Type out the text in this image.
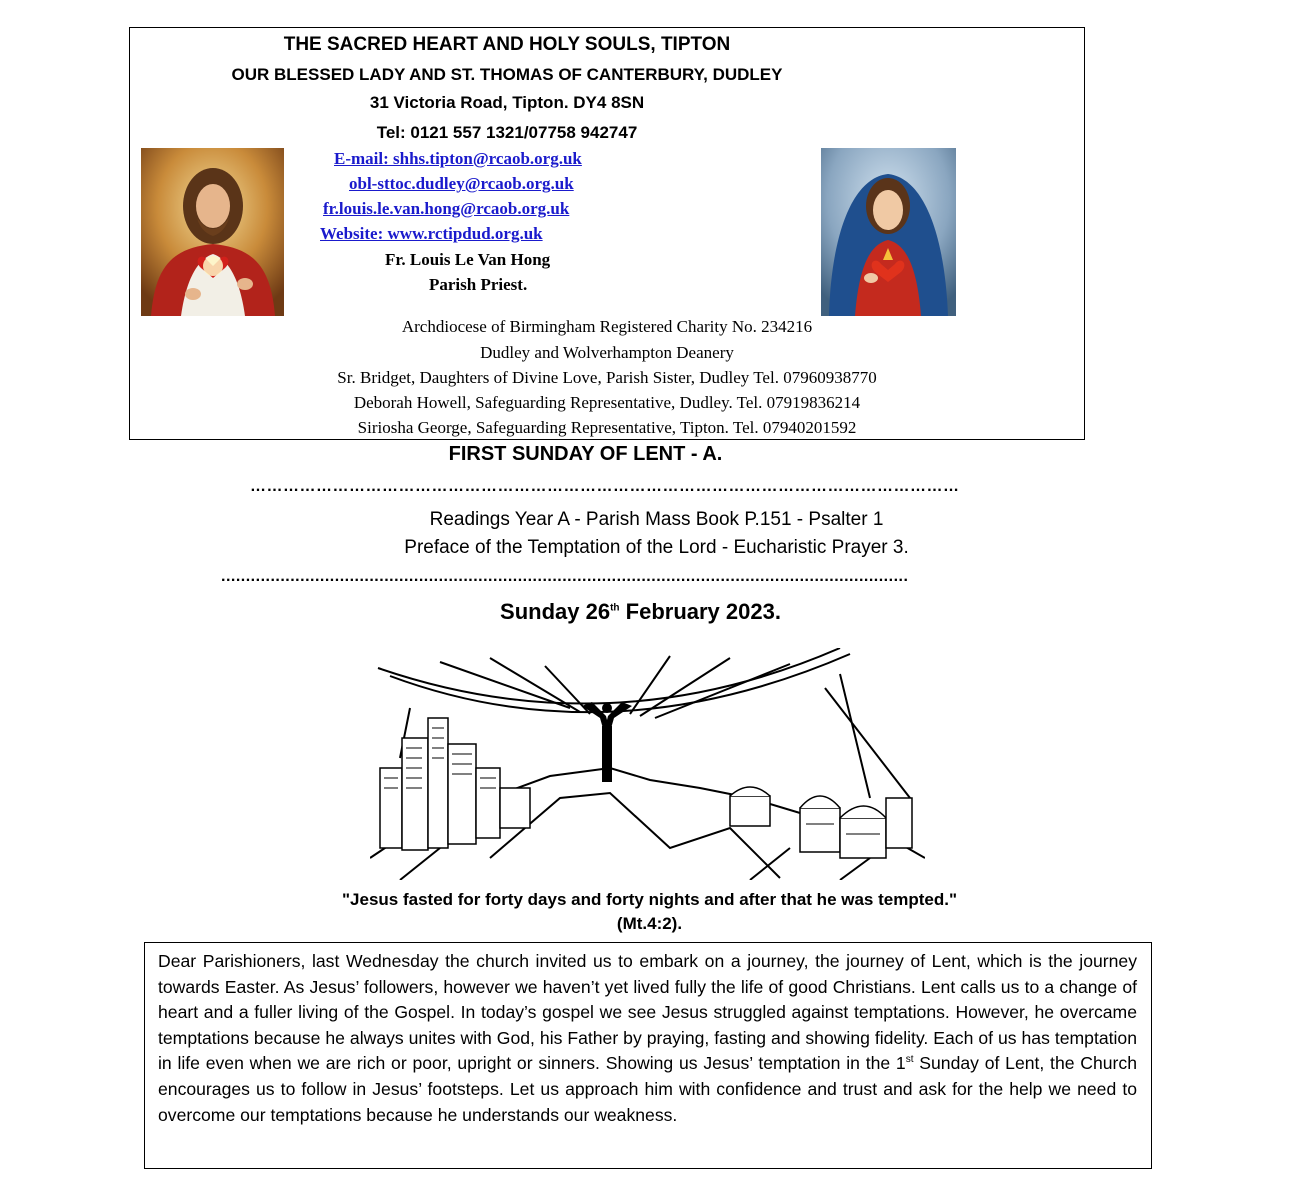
THE SACRED HEART AND HOLY SOULS, TIPTON
OUR BLESSED LADY AND ST. THOMAS OF CANTERBURY, DUDLEY
31 Victoria Road, Tipton. DY4 8SN
Tel: 0121 557 1321/07758 942747
E-mail: shhs.tipton@rcaob.org.uk
obl-sttoc.dudley@rcaob.org.uk
fr.louis.le.van.hong@rcaob.org.uk
Website: www.rctipdud.org.uk
Fr. Louis Le Van Hong
Parish Priest.
Archdiocese of Birmingham Registered Charity No. 234216
Dudley and Wolverhampton Deanery
Sr. Bridget, Daughters of Divine Love, Parish Sister, Dudley Tel. 07960938770
Deborah Howell, Safeguarding Representative, Dudley. Tel. 07919836214
Siriosha George, Safeguarding Representative, Tipton. Tel. 07940201592
FIRST SUNDAY OF LENT - A.
…………………………………………………………………………………………………………………
Readings Year A - Parish Mass Book P.151 - Psalter 1
Preface of the Temptation of the Lord - Eucharistic Prayer 3.
...........................................................................................................................................
Sunday 26th February 2023.
"Jesus fasted for forty days and forty nights and after that he was tempted."
(Mt.4:2).

Dear Parishioners, last Wednesday the church invited us to embark on a journey, the journey of Lent, which is the journey towards Easter. As Jesus’ followers, however we haven’t yet lived fully the life of good Christians. Lent calls us to a change of heart and a fuller living of the Gospel. In today’s gospel we see Jesus struggled against temptations. However, he overcame temptations because he always unites with God, his Father by praying, fasting and showing fidelity. Each of us has temptation in life even when we are rich or poor, upright or sinners. Showing us Jesus’ temptation in the 1st Sunday of Lent, the Church encourages us to follow in Jesus’ footsteps. Let us approach him with confidence and trust and ask for the help we need to overcome our temptations because he understands our weakness.
